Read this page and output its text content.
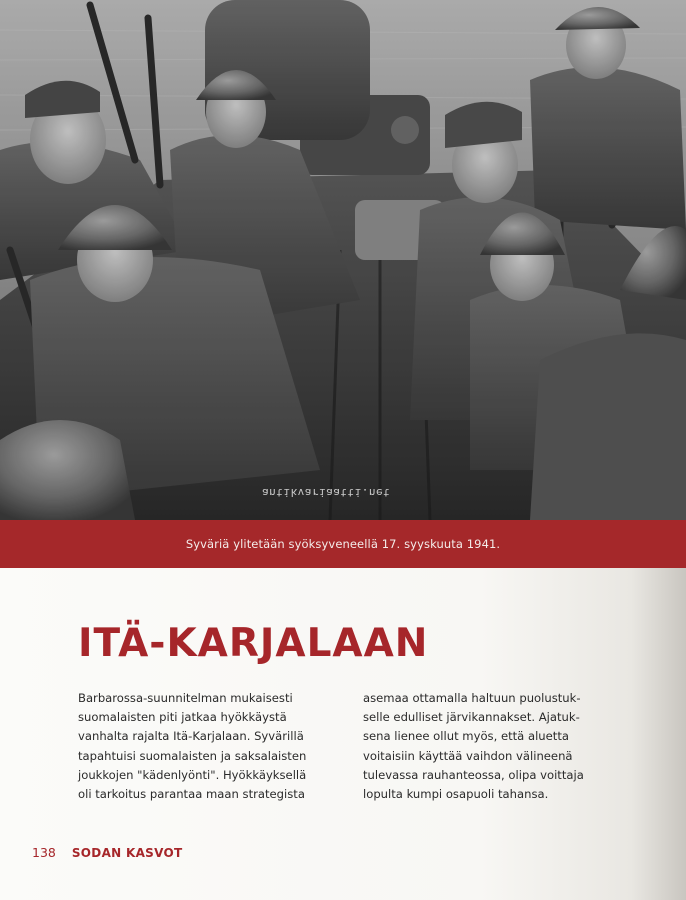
antikvariaatti.net
Syväriä ylitetään syöksyveneellä 17. syyskuuta 1941.
ITÄ-KARJALAAN
Barbarossa-suunnitelman mukaisesti
suomalaisten piti jatkaa hyökkäystä
vanhalta rajalta Itä-Karjalaan. Syvärillä
tapahtuisi suomalaisten ja saksalaisten
joukkojen "kädenlyönti". Hyökkäyksellä
oli tarkoitus parantaa maan strategista
asemaa ottamalla haltuun puolustuk-
selle edulliset järvikannakset. Ajatuk-
sena lienee ollut myös, että aluetta
voitaisiin käyttää vaihdon välineenä
tulevassa rauhanteossa, olipa voittaja
lopulta kumpi osapuoli tahansa.
138 SODAN KASVOT
